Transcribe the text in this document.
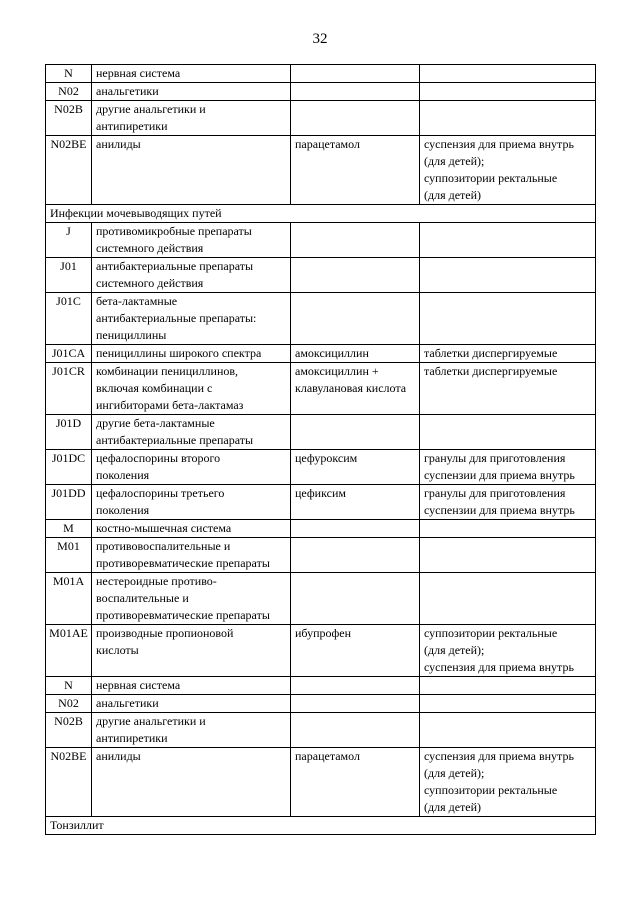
32
N	нервная система		

N02	анальгетики		

N02B	другие анальгетики и
антипиретики		

N02BE	анилиды	парацетамол	суспензия для приема внутрь
(для детей);
суппозитории ректальные
(для детей)

Инфекции мочевыводящих путей			
J	противомикробные препараты
системного действия		

J01	антибактериальные препараты
системного действия		

J01C	бета-лактамные
антибактериальные препараты:
пенициллины		

J01CA	пенициллины широкого спектра	амоксициллин	таблетки диспергируемые

J01CR	комбинации пенициллинов,
включая комбинации с
ингибиторами бета-лактамаз	амоксициллин +
клавулановая кислота	таблетки диспергируемые

J01D	другие бета-лактамные
антибактериальные препараты		

J01DC	цефалоспорины второго
поколения	цефуроксим	гранулы для приготовления
суспензии для приема внутрь

J01DD	цефалоспорины третьего
поколения	цефиксим	гранулы для приготовления
суспензии для приема внутрь

M	костно-мышечная система		

M01	противовоспалительные и
противоревматические препараты		

M01A	нестероидные противо-
воспалительные и
противоревматические препараты		

M01AE	производные пропионовой
кислоты	ибупрофен	суппозитории ректальные
(для детей);
суспензия для приема внутрь

N	нервная система		

N02	анальгетики		

N02B	другие анальгетики и
антипиретики		

N02BE	анилиды	парацетамол	суспензия для приема внутрь
(для детей);
суппозитории ректальные
(для детей)

Тонзиллит			
